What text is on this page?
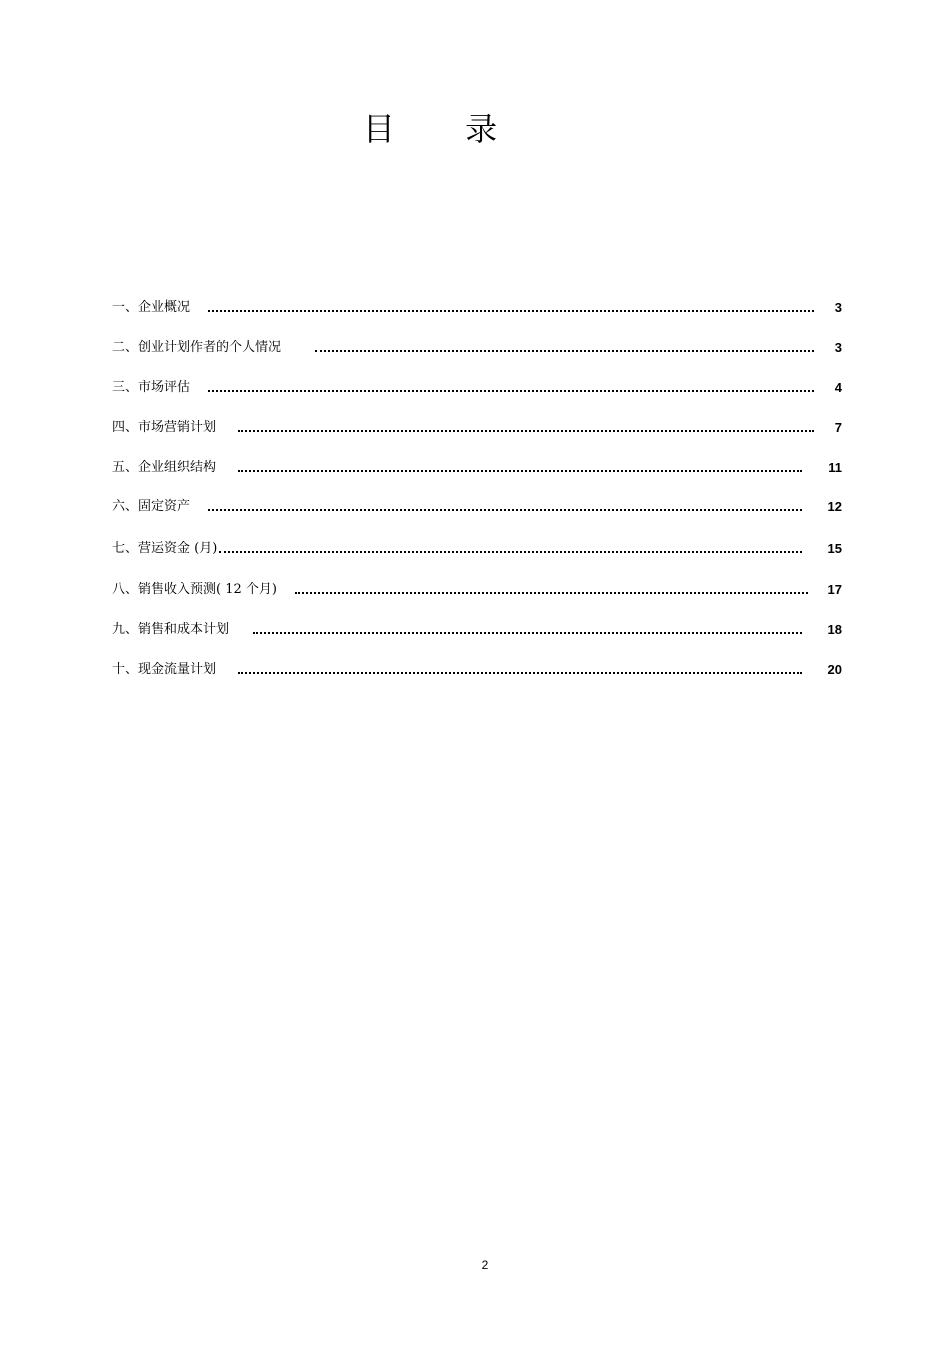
目 录
一、企业概况	3
二、创业计划作者的个人情况	3
三、市场评估	4
四、市场营销计划	7
五、企业组织结构	11
六、固定资产	12
七、营运资金 (月)	15
八、销售收入预测( 12 个月)	17
九、销售和成本计划	18
十、现金流量计划	20
2
